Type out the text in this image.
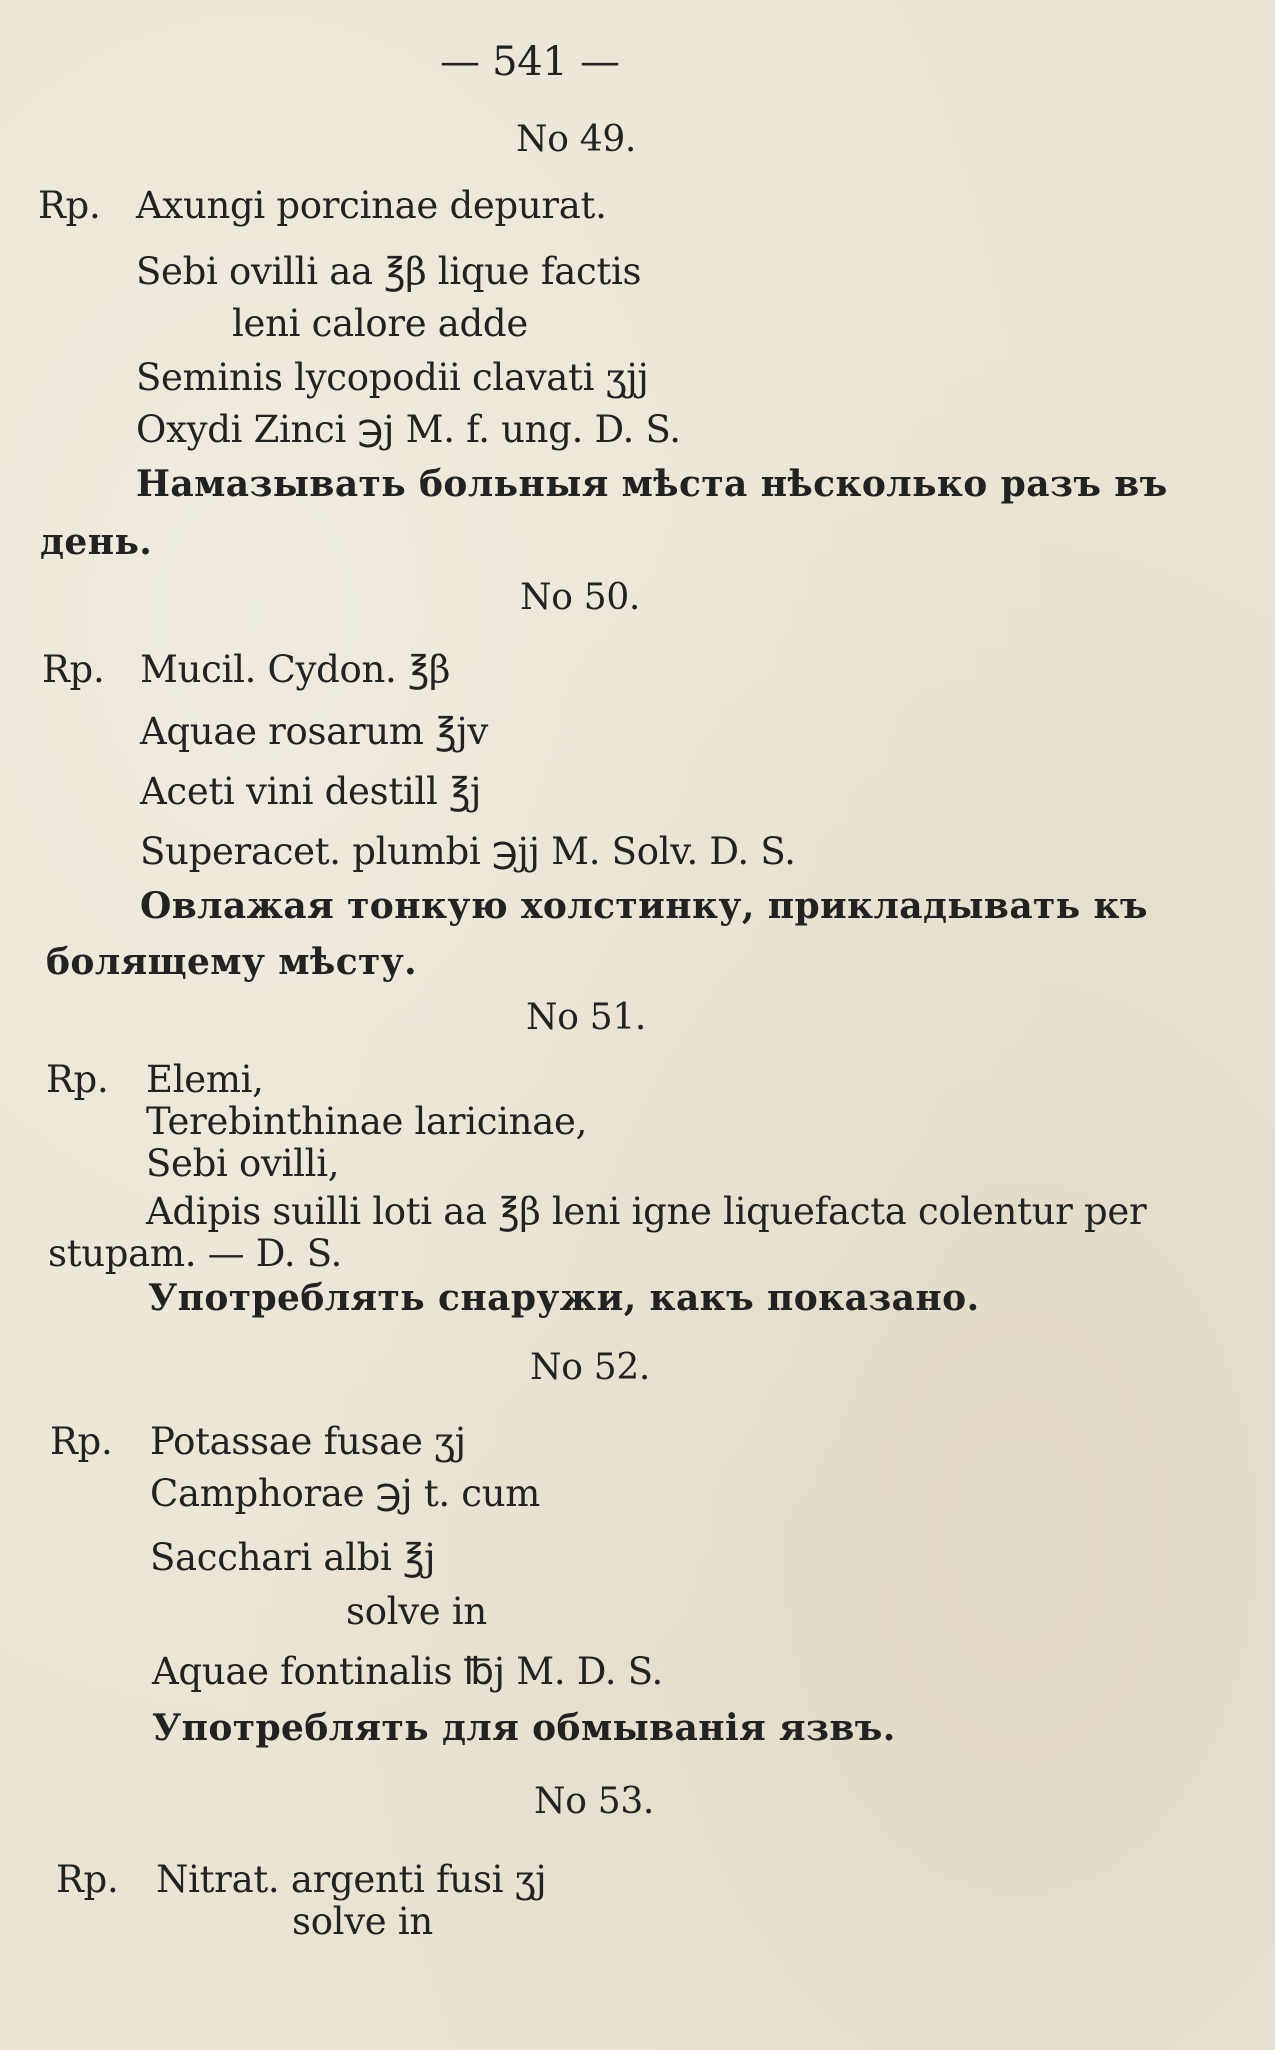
— 541 —
No 49.
Rp. Axungi porcinae depurat.
Sebi ovilli aa ℥β lique factis
leni calore adde
Seminis lycopodii clavati ʒjj
Oxydi Zinci ℈j M. f. ung. D. S.
Намазывать больныя мѣста нѣсколько разъ въ
день.
No 50.
Rp. Mucil. Cydon. ℥β
Aquae rosarum ℥jv
Aceti vini destill ℥j
Superacet. plumbi ℈jj M. Solv. D. S.
Овлажая тонкую холстинку, прикладывать къ
болящему мѣсту.
No 51.
Rp. Elemi,
Terebinthinae laricinae,
Sebi ovilli,
Adipis suilli loti aa ℥β leni igne liquefacta colentur per
stupam. — D. S.
Употреблять снаружи, какъ показано.
No 52.
Rp. Potassae fusae ʒj
Camphorae ℈j t. cum
Sacchari albi ℥j
solve in
Aquae fontinalis ℔j M. D. S.
Употреблять для обмыванія язвъ.
No 53.
Rp. Nitrat. argenti fusi ʒj
solve in
